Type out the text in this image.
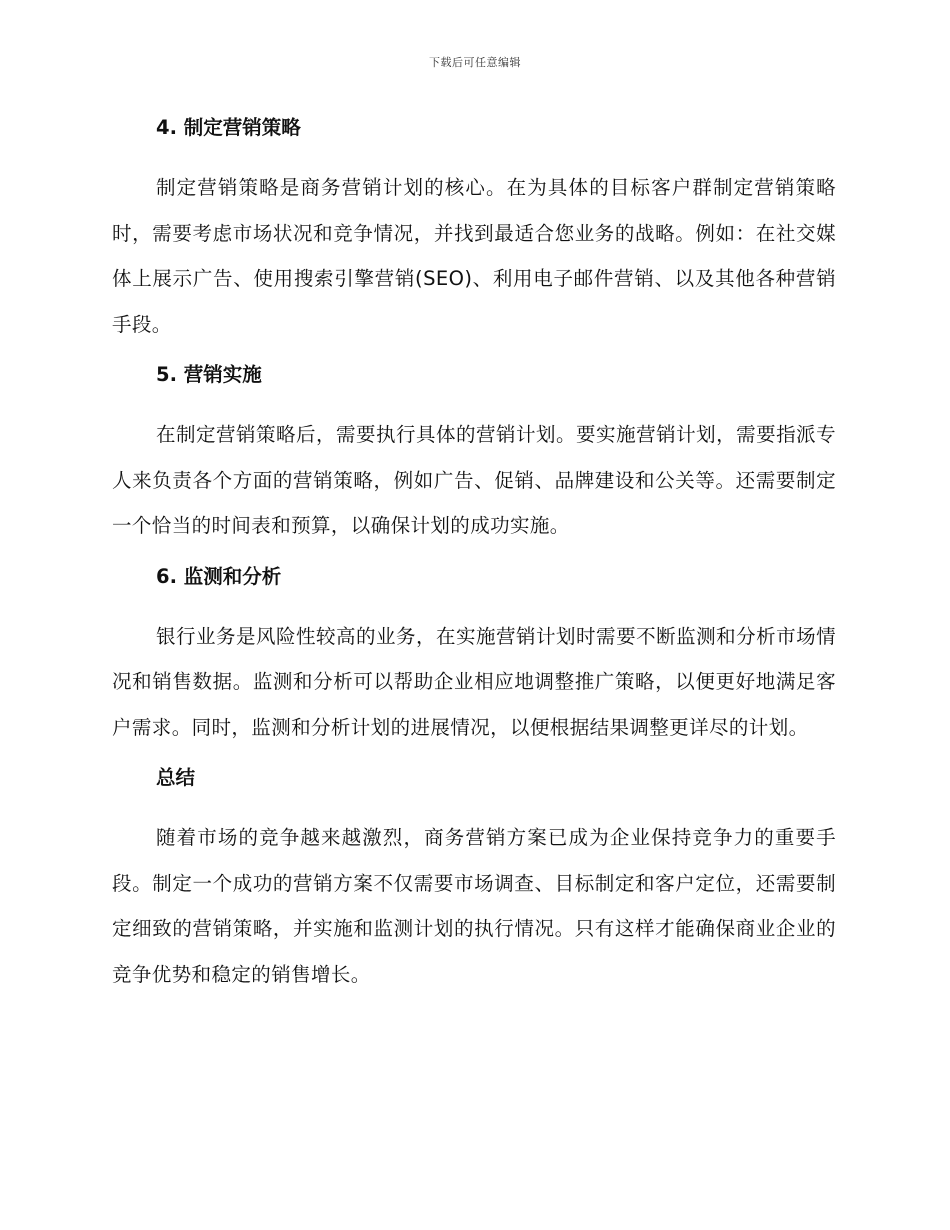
下载后可任意编辑
4. 制定营销策略

制定营销策略是商务营销计划的核心。在为具体的目标客户群制定营销策略时，需要考虑市场状况和竞争情况，并找到最适合您业务的战略。例如：在社交媒体上展示广告、使用搜索引擎营销(SEO)、利用电子邮件营销、以及其他各种营销手段。

5. 营销实施

在制定营销策略后，需要执行具体的营销计划。要实施营销计划，需要指派专人来负责各个方面的营销策略，例如广告、促销、品牌建设和公关等。还需要制定一个恰当的时间表和预算，以确保计划的成功实施。

6. 监测和分析

银行业务是风险性较高的业务，在实施营销计划时需要不断监测和分析市场情况和销售数据。监测和分析可以帮助企业相应地调整推广策略，以便更好地满足客户需求。同时，监测和分析计划的进展情况，以便根据结果调整更详尽的计划。

总结

随着市场的竞争越来越激烈，商务营销方案已成为企业保持竞争力的重要手段。制定一个成功的营销方案不仅需要市场调查、目标制定和客户定位，还需要制定细致的营销策略，并实施和监测计划的执行情况。只有这样才能确保商业企业的竞争优势和稳定的销售增长。
